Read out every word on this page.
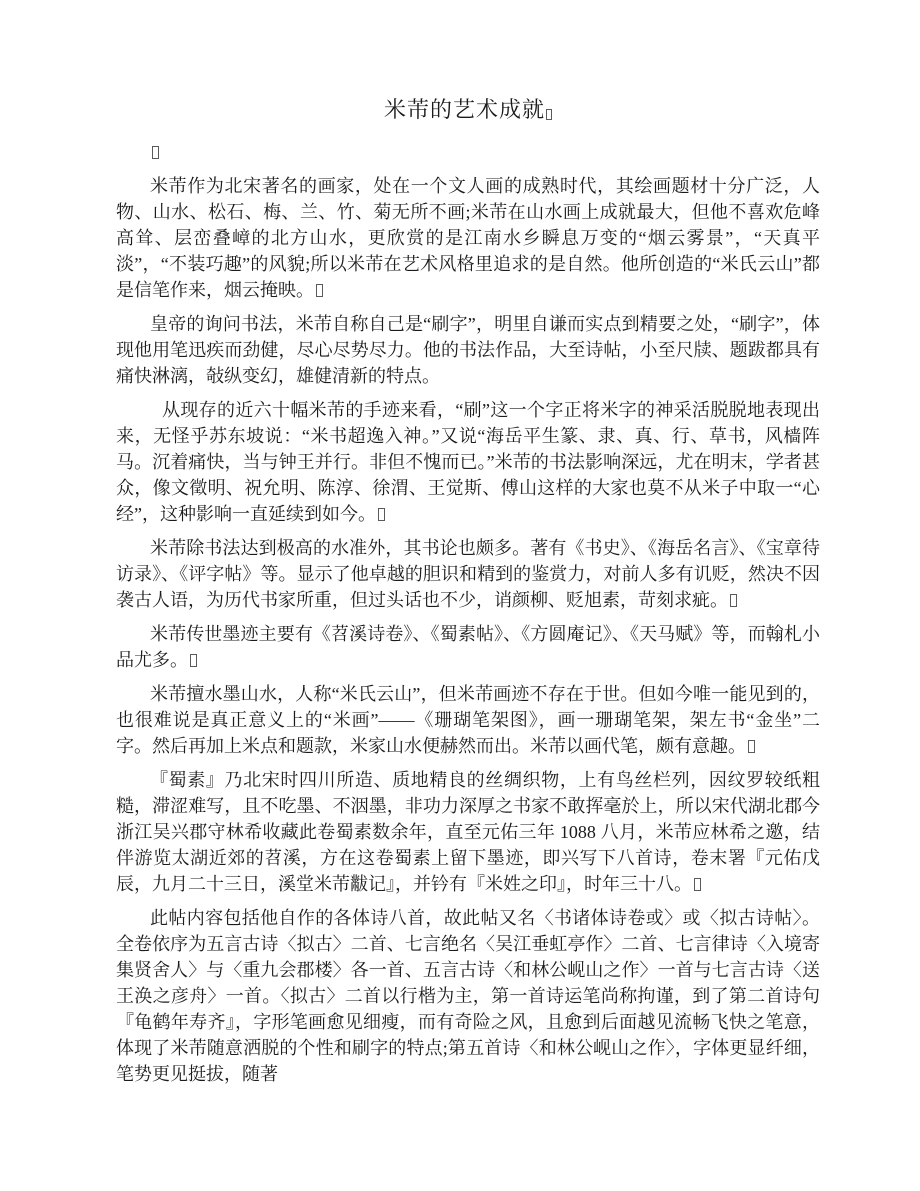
米芾的艺术成就

米芾作为北宋著名的画家，处在一个文人画的成熟时代，其绘画题材十分广泛，人物、山水、松石、梅、兰、竹、菊无所不画;米芾在山水画上成就最大，但他不喜欢危峰高耸、层峦叠嶂的北方山水，更欣赏的是江南水乡瞬息万变的“烟云雾景”，“天真平淡”，“不装巧趣”的风貌;所以米芾在艺术风格里追求的是自然。他所创造的“米氏云山”都是信笔作来，烟云掩映。

皇帝的询问书法，米芾自称自己是“刷字”，明里自谦而实点到精要之处，“刷字”，体现他用笔迅疾而劲健，尽心尽势尽力。他的书法作品，大至诗帖，小至尺牍、题跋都具有痛快淋漓，敧纵变幻，雄健清新的特点。

从现存的近六十幅米芾的手迹来看，“刷”这一个字正将米字的神采活脱脱地表现出来，无怪乎苏东坡说：“米书超逸入神。”又说“海岳平生篆、隶、真、行、草书，风樯阵马。沉着痛快，当与钟王并行。非但不愧而已。”米芾的书法影响深远，尤在明末，学者甚众，像文徵明、祝允明、陈淳、徐渭、王觉斯、傅山这样的大家也莫不从米子中取一“心经”，这种影响一直延续到如今。

米芾除书法达到极高的水准外，其书论也颇多。著有《书史》、《海岳名言》、《宝章待访录》、《评字帖》等。显示了他卓越的胆识和精到的鉴赏力，对前人多有讥贬，然决不因袭古人语，为历代书家所重，但过头话也不少，诮颜柳、贬旭素，苛刻求疵。

米芾传世墨迹主要有《苕溪诗卷》、《蜀素帖》、《方圆庵记》、《天马赋》等，而翰札小品尤多。

米芾擅水墨山水，人称“米氏云山”，但米芾画迹不存在于世。但如今唯一能见到的，也很难说是真正意义上的“米画”——《珊瑚笔架图》，画一珊瑚笔架，架左书“金坐”二字。然后再加上米点和题款，米家山水便赫然而出。米芾以画代笔，颇有意趣。

『蜀素』乃北宋时四川所造、质地精良的丝绸织物，上有鸟丝栏列，因纹罗较纸粗糙，滞涩难写，且不吃墨、不洇墨，非功力深厚之书家不敢挥毫於上，所以宋代湖北郡今浙江吴兴郡守林希收藏此卷蜀素数余年，直至元佑三年 1088 八月，米芾应林希之邀，结伴游览太湖近郊的苕溪，方在这卷蜀素上留下墨迹，即兴写下八首诗，卷末署『元佑戊辰，九月二十三日，溪堂米芾黻记』，并钤有『米姓之印』，时年三十八。

此帖内容包括他自作的各体诗八首，故此帖又名〈书诸体诗卷或〉或〈拟古诗帖〉。全卷依序为五言古诗〈拟古〉二首、七言绝名〈吴江垂虹亭作〉二首、七言律诗〈入境寄集贤舍人〉与〈重九会郡楼〉各一首、五言古诗〈和林公岘山之作〉一首与七言古诗〈送王涣之彦舟〉一首。〈拟古〉二首以行楷为主，第一首诗运笔尚称拘谨，到了第二首诗句『龟鹤年寿齐』，字形笔画愈见细瘦，而有奇险之风，且愈到后面越见流畅飞快之笔意，体现了米芾随意洒脱的个性和刷字的特点;第五首诗〈和林公岘山之作〉，字体更显纤细，笔势更见挺拔，随著
